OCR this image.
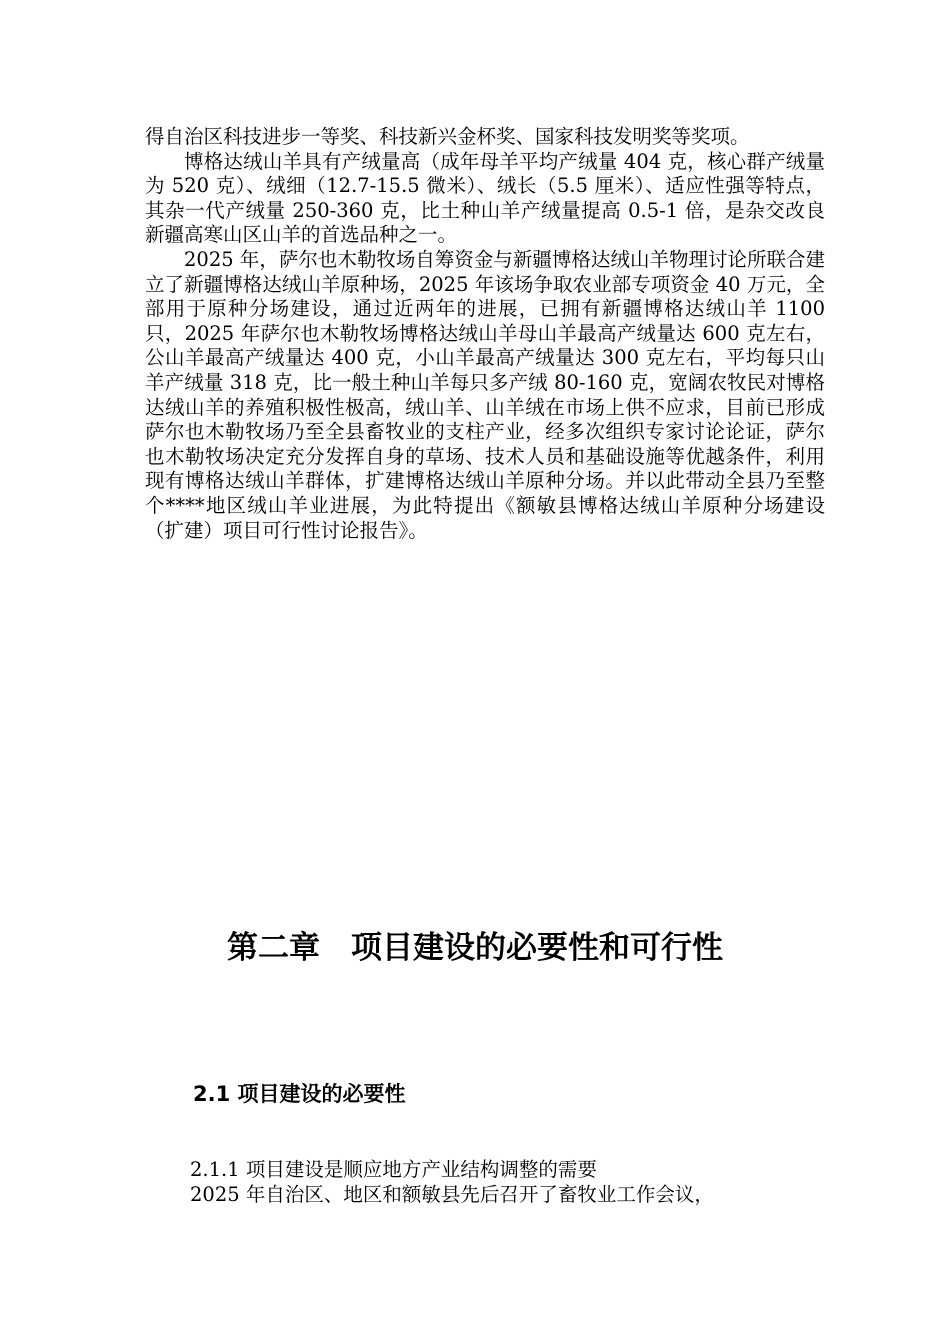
得自治区科技进步一等奖、科技新兴金杯奖、国家科技发明奖等奖项。

博格达绒山羊具有产绒量高（成年母羊平均产绒量 404 克，核心群产绒量为 520 克）、绒细（12.7-15.5 微米）、绒长（5.5 厘米）、适应性强等特点，其杂一代产绒量 250-360 克，比土种山羊产绒量提高 0.5-1 倍，是杂交改良新疆高寒山区山羊的首选品种之一。
2025 年，萨尔也木勒牧场自筹资金与新疆博格达绒山羊物理讨论所联合建立了新疆博格达绒山羊原种场，2025 年该场争取农业部专项资金 40 万元，全部用于原种分场建设，通过近两年的进展，已拥有新疆博格达绒山羊 1100 只，2025 年萨尔也木勒牧场博格达绒山羊母山羊最高产绒量达 600 克左右，公山羊最高产绒量达 400 克，小山羊最高产绒量达 300 克左右，平均每只山羊产绒量 318 克，比一般土种山羊每只多产绒 80-160 克，宽阔农牧民对博格达绒山羊的养殖积极性极高，绒山羊、山羊绒在市场上供不应求，目前已形成萨尔也木勒牧场乃至全县畜牧业的支柱产业，经多次组织专家讨论论证，萨尔也木勒牧场决定充分发挥自身的草场、技术人员和基础设施等优越条件，利用现有博格达绒山羊群体，扩建博格达绒山羊原种分场。并以此带动全县乃至整个****地区绒山羊业进展，为此特提出《额敏县博格达绒山羊原种分场建设（扩建）项目可行性讨论报告》。

第二章　项目建设的必要性和可行性
2.1 项目建设的必要性

2.1.1 项目建设是顺应地方产业结构调整的需要

2025 年自治区、地区和额敏县先后召开了畜牧业工作会议，
